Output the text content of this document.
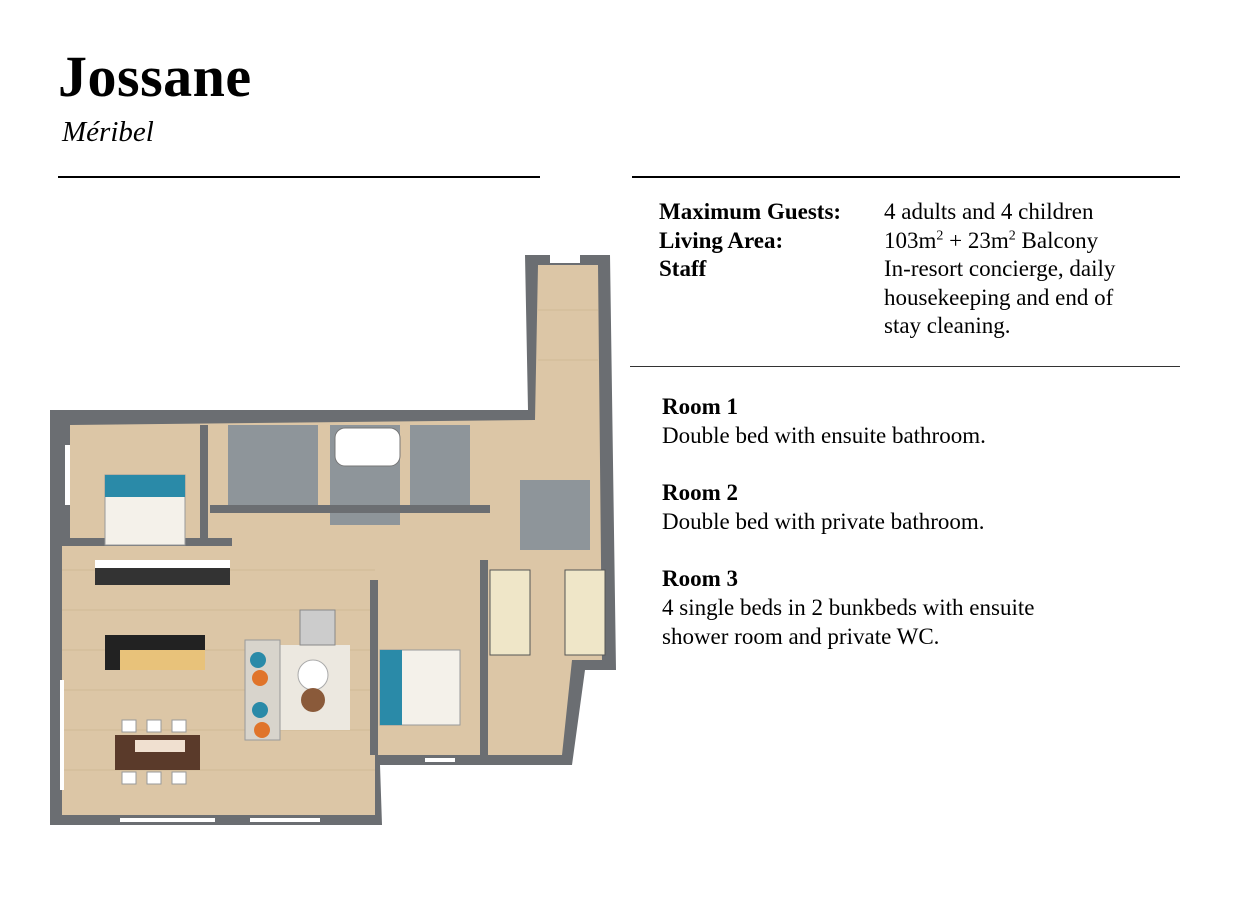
Jossane
Méribel
Maximum Guests:	4 adults and 4 children
Living Area:	$103m^2 + 23m^2$ Balcony
Staff	In-resort concierge, daily housekeeping and end of stay cleaning.
Room 1
Double bed with ensuite bathroom.
Room 2
Double bed with private bathroom.
Room 3
4 single beds in 2 bunkbeds with ensuite shower room and private WC.
